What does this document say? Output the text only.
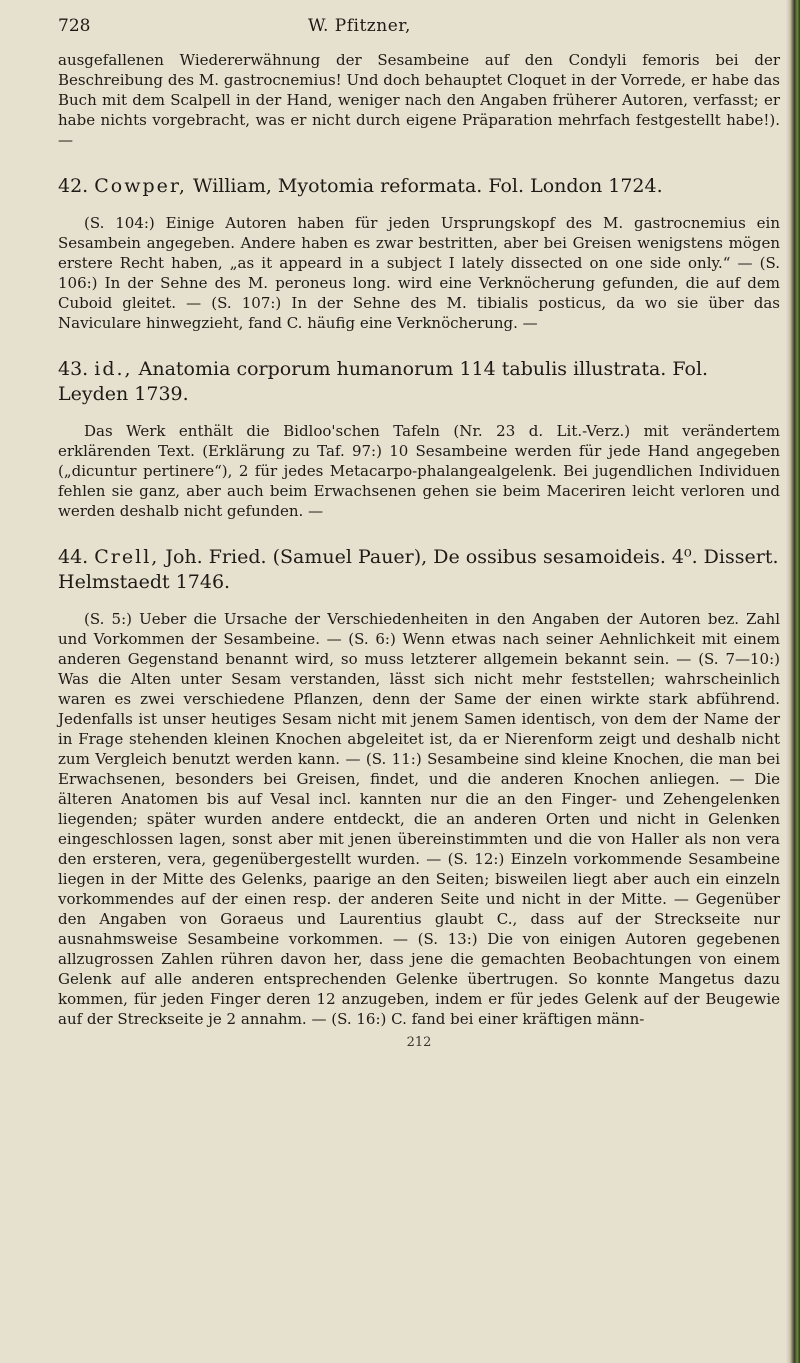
728	W. Pfitzner,

ausgefallenen Wiedererwähnung der Sesambeine auf den Condyli femoris bei der Beschreibung des M. gastrocnemius! Und doch behauptet Cloquet in der Vorrede, er habe das Buch mit dem Scalpell in der Hand, weniger nach den Angaben früherer Autoren, verfasst; er habe nichts vorgebracht, was er nicht durch eigene Präparation mehrfach festgestellt habe!). —

42. Cowper, William, Myotomia reformata. Fol. London 1724.

(S. 104:) Einige Autoren haben für jeden Ursprungskopf des M. gastrocnemius ein Sesambein angegeben. Andere haben es zwar bestritten, aber bei Greisen wenigstens mögen erstere Recht haben, „as it appeard in a subject I lately dissected on one side only.“ — (S. 106:) In der Sehne des M. peroneus long. wird eine Verknöcherung gefunden, die auf dem Cuboid gleitet. — (S. 107:) In der Sehne des M. tibialis posticus, da wo sie über das Naviculare hinwegzieht, fand C. häufig eine Verknöcherung. —

43. id., Anatomia corporum humanorum 114 tabulis illustrata. Fol. Leyden 1739.

Das Werk enthält die Bidloo'schen Tafeln (Nr. 23 d. Lit.-Verz.) mit verändertem erklärenden Text. (Erklärung zu Taf. 97:) 10 Sesambeine werden für jede Hand angegeben („dicuntur pertinere“), 2 für jedes Metacarpo-phalangealgelenk. Bei jugendlichen Individuen fehlen sie ganz, aber auch beim Erwachsenen gehen sie beim Maceriren leicht verloren und werden deshalb nicht gefunden. —

44. Crell, Joh. Fried. (Samuel Pauer), De ossibus sesamoideis. 4⁰. Dissert. Helmstaedt 1746.

(S. 5:) Ueber die Ursache der Verschiedenheiten in den Angaben der Autoren bez. Zahl und Vorkommen der Sesambeine. — (S. 6:) Wenn etwas nach seiner Aehnlichkeit mit einem anderen Gegenstand benannt wird, so muss letzterer allgemein bekannt sein. — (S. 7—10:) Was die Alten unter Sesam verstanden, lässt sich nicht mehr feststellen; wahrscheinlich waren es zwei verschiedene Pflanzen, denn der Same der einen wirkte stark abführend. Jedenfalls ist unser heutiges Sesam nicht mit jenem Samen identisch, von dem der Name der in Frage stehenden kleinen Knochen abgeleitet ist, da er Nierenform zeigt und deshalb nicht zum Vergleich benutzt werden kann. — (S. 11:) Sesambeine sind kleine Knochen, die man bei Erwachsenen, besonders bei Greisen, findet, und die anderen Knochen anliegen. — Die älteren Anatomen bis auf Vesal incl. kannten nur die an den Finger- und Zehengelenken liegenden; später wurden andere entdeckt, die an anderen Orten und nicht in Gelenken eingeschlossen lagen, sonst aber mit jenen übereinstimmten und die von Haller als non vera den ersteren, vera, gegenübergestellt wurden. — (S. 12:) Einzeln vorkommende Sesambeine liegen in der Mitte des Gelenks, paarige an den Seiten; bisweilen liegt aber auch ein einzeln vorkommendes auf der einen resp. der anderen Seite und nicht in der Mitte. — Gegenüber den Angaben von Goraeus und Laurentius glaubt C., dass auf der Streckseite nur ausnahmsweise Sesambeine vorkommen. — (S. 13:) Die von einigen Autoren gegebenen allzugrossen Zahlen rühren davon her, dass jene die gemachten Beobachtungen von einem Gelenk auf alle anderen entsprechenden Gelenke übertrugen. So konnte Mangetus dazu kommen, für jeden Finger deren 12 anzugeben, indem er für jedes Gelenk auf der Beugewie auf der Streckseite je 2 annahm. — (S. 16:) C. fand bei einer kräftigen männ-

212
